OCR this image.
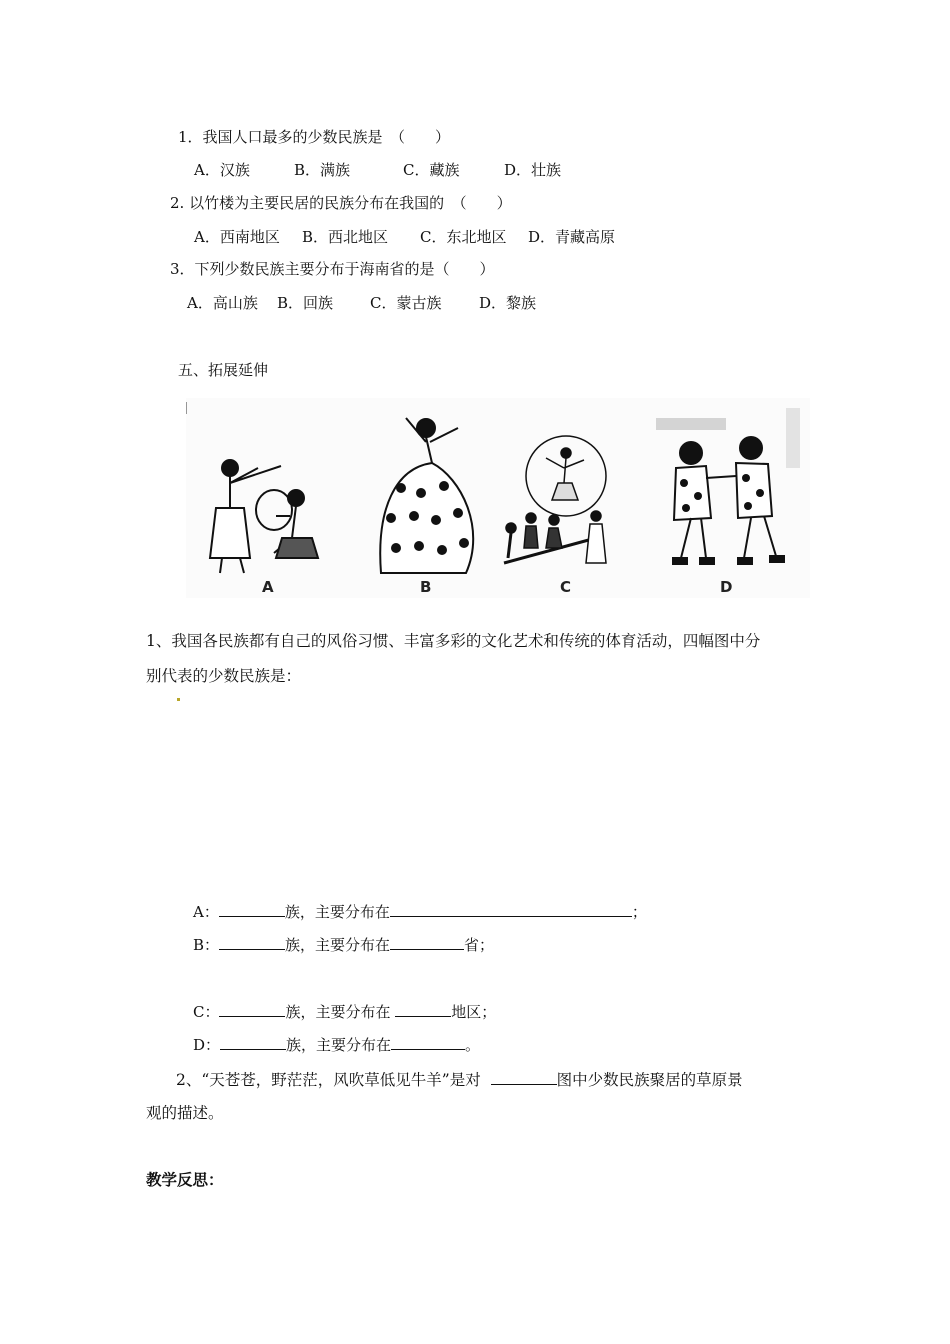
1．我国人口最多的少数民族是　（　　）
A．汉族	B．满族	C．藏族	D．壮族
2. 以竹楼为主要民居的民族分布在我国的　（　　）
A．西南地区 B．西北地区 C．东北地区 D．青藏高原
3．下列少数民族主要分布于海南省的是（　　）
A．高山族 B．回族 C．蒙古族	D．黎族
五、拓展延伸
A	B	C	D
1、我国各民族都有自己的风俗习惯、丰富多彩的文化艺术和传统的体育活动，四幅图中分
别代表的少数民族是：
A：	族，主要分布在	；
B：	族，主要分布在	省；
C：	族，主要分布在	地区；
D：	族，主要分布在	。
2、“天苍苍，野茫茫，风吹草低见牛羊”是对	图中少数民族聚居的草原景
观的描述。
教学反思：
